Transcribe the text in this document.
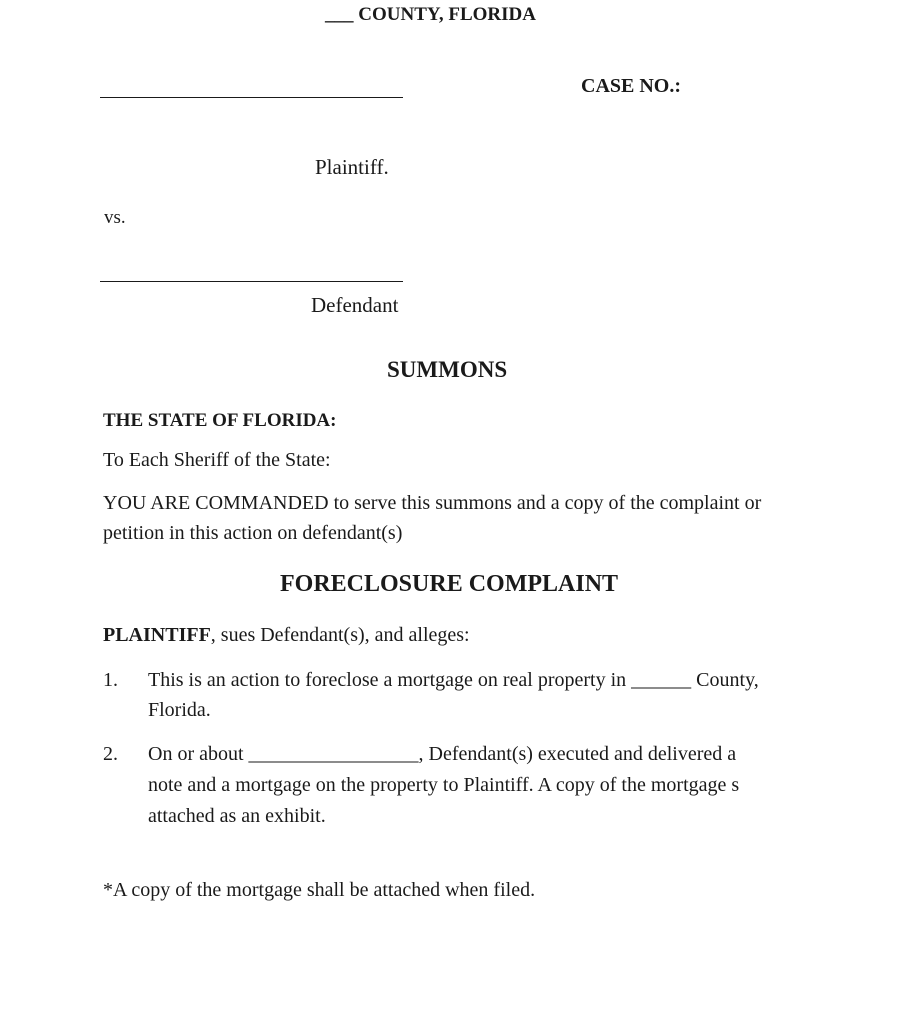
___ COUNTY, FLORIDA
CASE NO.:
Plaintiff.
vs.
Defendant
SUMMONS
THE STATE OF FLORIDA:
To Each Sheriff of the State:
YOU ARE COMMANDED to serve this summons and a copy of the complaint or
petition in this action on defendant(s)
FORECLOSURE COMPLAINT
PLAINTIFF, sues Defendant(s), and alleges:
1. This is an action to foreclose a mortgage on real property in ______ County,
Florida.
2. On or about _________________, Defendant(s) executed and delivered a
note and a mortgage on the property to Plaintiff. A copy of the mortgage s
attached as an exhibit.
*A copy of the mortgage shall be attached when filed.
